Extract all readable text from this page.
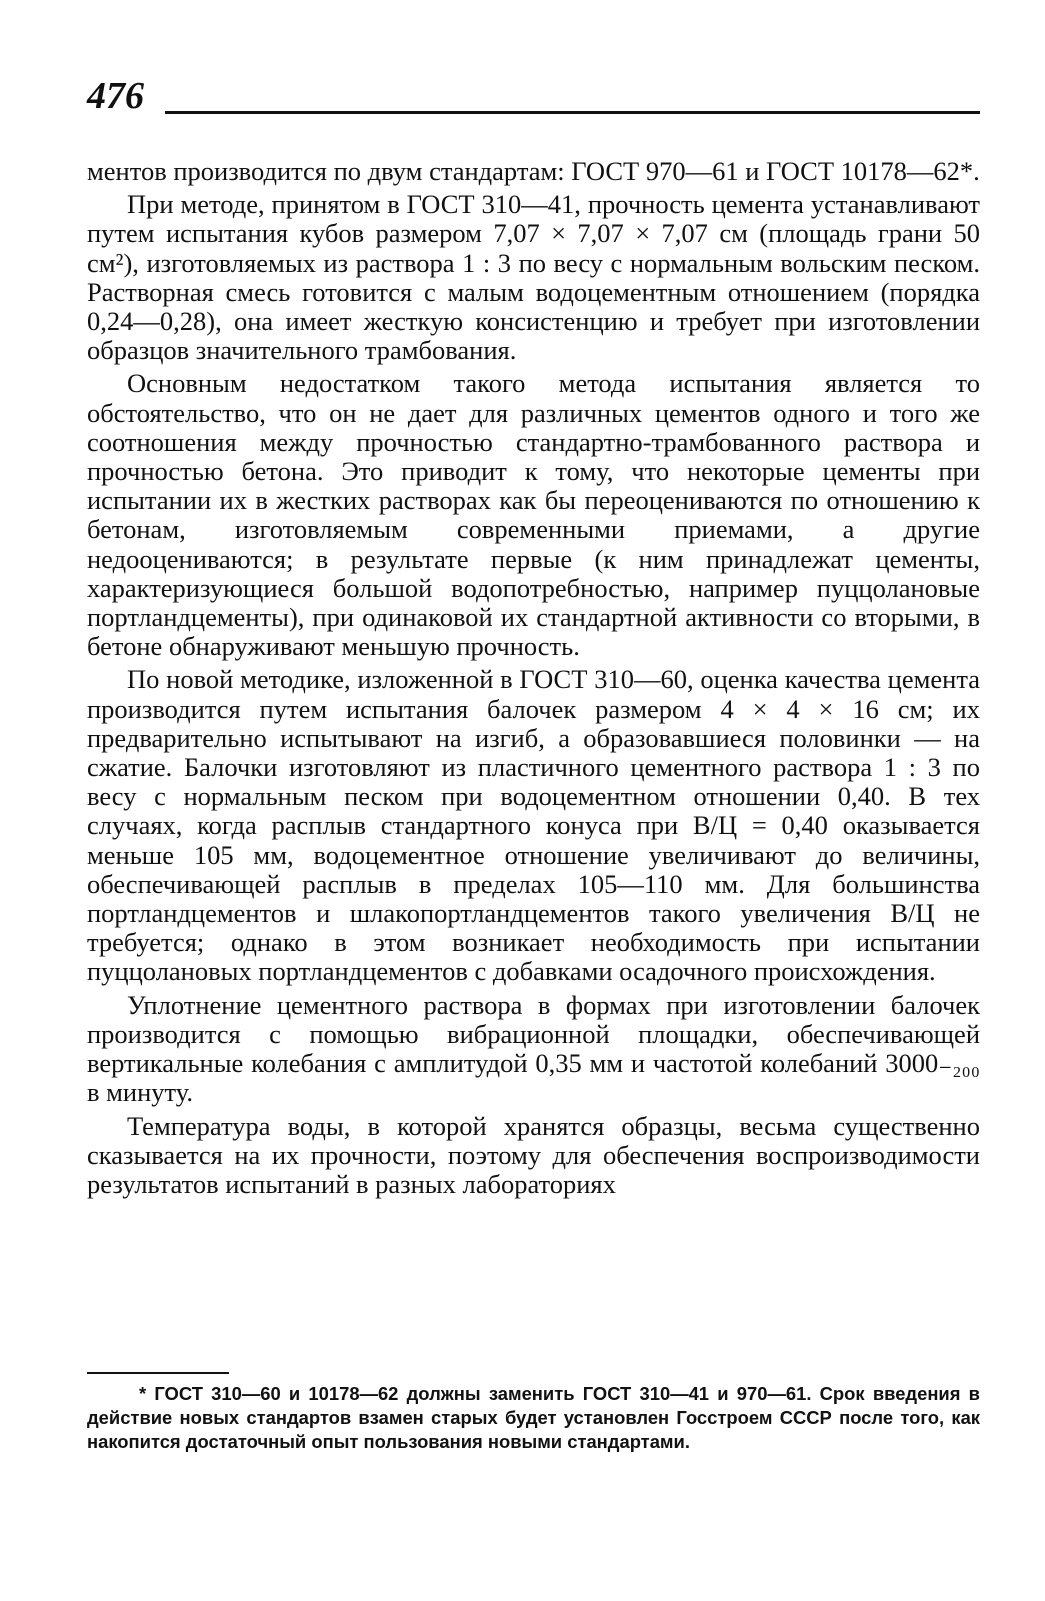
476

ментов производится по двум стандартам: ГОСТ 970—61 и ГОСТ 10178—62*.

При методе, принятом в ГОСТ 310—41, прочность цемента устанавливают путем испытания кубов размером 7,07 × 7,07 × 7,07 см (площадь грани 50 см²), изготовляемых из раствора 1 : 3 по весу с нормальным вольским песком. Растворная смесь готовится с малым водоцементным отношением (порядка 0,24—0,28), она имеет жесткую консистенцию и требует при изготовлении образцов значительного трамбования.

Основным недостатком такого метода испытания является то обстоятельство, что он не дает для различных цементов одного и того же соотношения между прочностью стандартно-трамбованного раствора и прочностью бетона. Это приводит к тому, что некоторые цементы при испытании их в жестких растворах как бы переоцениваются по отношению к бетонам, изготовляемым современными приемами, а другие недооцениваются; в результате первые (к ним принадлежат цементы, характеризующиеся большой водопотребностью, например пуццолановые портландцементы), при одинаковой их стандартной активности со вторыми, в бетоне обнаруживают меньшую прочность.

По новой методике, изложенной в ГОСТ 310—60, оценка качества цемента производится путем испытания балочек размером 4 × 4 × 16 см; их предварительно испытывают на изгиб, а образовавшиеся половинки — на сжатие. Балочки изготовляют из пластичного цементного раствора 1 : 3 по весу с нормальным песком при водоцементном отношении 0,40. В тех случаях, когда расплыв стандартного конуса при В/Ц = 0,40 оказывается меньше 105 мм, водоцементное отношение увеличивают до величины, обеспечивающей расплыв в пределах 105—110 мм. Для большинства портландцементов и шлакопортландцементов такого увеличения В/Ц не требуется; однако в этом возникает необходимость при испытании пуццолановых портландцементов с добавками осадочного происхождения.

Уплотнение цементного раствора в формах при изготовлении балочек производится с помощью вибрационной площадки, обеспечивающей вертикальные колебания с амплитудой 0,35 мм и частотой колебаний 3000₋₂₀₀ в минуту.

Температура воды, в которой хранятся образцы, весьма существенно сказывается на их прочности, поэтому для обеспечения воспроизводимости результатов испытаний в разных лабораториях

* ГОСТ 310—60 и 10178—62 должны заменить ГОСТ 310—41 и 970—61. Срок введения в действие новых стандартов взамен старых будет установлен Госстроем СССР после того, как накопится достаточный опыт пользования новыми стандартами.
